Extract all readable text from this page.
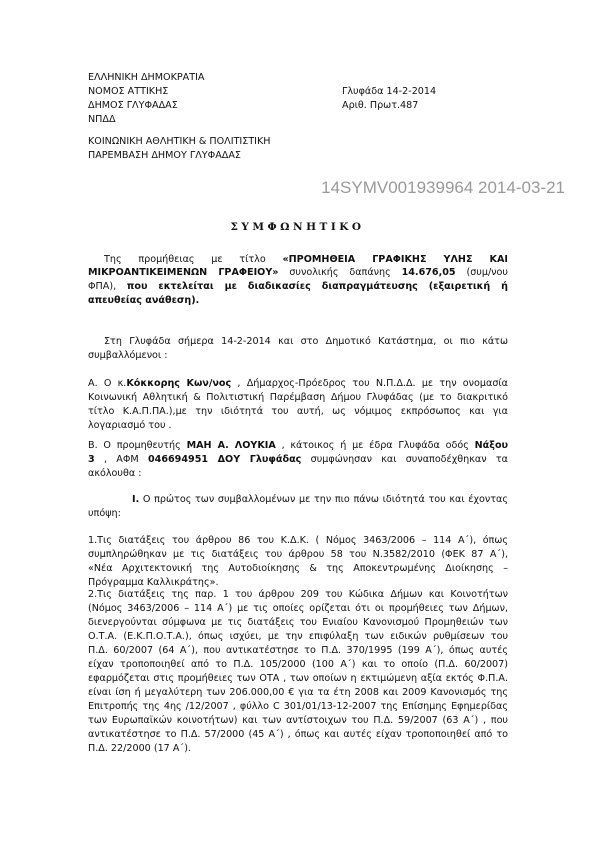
ΕΛΛΗΝΙΚΗ ΔΗΜΟΚΡΑΤΙΑ
ΝΟΜΟΣ ΑΤΤΙΚΗΣ
ΔΗΜΟΣ ΓΛΥΦΑΔΑΣ
ΝΠΔΔ
Γλυφάδα 14-2-2014
Αριθ. Πρωτ.487
ΚΟΙΝΩΝΙΚΗ ΑΘΛΗΤΙΚΗ & ΠΟΛΙΤΙΣΤΙΚΗ
ΠΑΡΕΜΒΑΣΗ ΔΗΜΟΥ ΓΛΥΦΑΔΑΣ
14SYMV001939964 2014-03-21
ΣΥΜΦΩΝΗΤΙΚΟ
Της προμήθειας με τίτλο «ΠΡΟΜΗΘΕΙΑ ΓΡΑΦΙΚΗΣ ΥΛΗΣ ΚΑΙ
ΜΙΚΡΟΑΝΤΙΚΕΙΜΕΝΩΝ ΓΡΑΦΕΙΟΥ» συνολικής δαπάνης 14.676,05 (συμ/νου
ΦΠΑ), που εκτελείται με διαδικασίες διαπραγμάτευσης (εξαιρετική ή
απευθείας ανάθεση).
Στη Γλυφάδα σήμερα 14-2-2014 και στο Δημοτικό Κατάστημα, οι πιο κάτω
συμβαλλόμενοι :
Α. Ο κ.Κόκκορης Κων/νος , Δήμαρχος-Πρόεδρος του Ν.Π.Δ.Δ. με την ονομασία
Κοινωνική Αθλητική & Πολιτιστική Παρέμβαση Δήμου Γλυφάδας (με το διακριτικό
τίτλο Κ.Α.Π.ΠΑ.),με την ιδιότητά του αυτή, ως νόμιμος εκπρόσωπος και για
λογαριασμό του .
Β. Ο προμηθευτής ΜΑΗ Α. ΛΟΥΚΙΑ , κάτοικος ή με έδρα Γλυφάδα οδός Νάξου
3 , ΑΦΜ 046694951 ΔΟΥ Γλυφάδας συμφώνησαν και συναποδέχθηκαν τα
ακόλουθα :
Ι. Ο πρώτος των συμβαλλομένων με την πιο πάνω ιδιότητά του και έχοντας
υπόψη:
1.Τις διατάξεις του άρθρου 86 του Κ.Δ.Κ. ( Νόμος 3463/2006 – 114 Α΄), όπως
συμπληρώθηκαν με τις διατάξεις του άρθρου 58 του Ν.3582/2010 (ΦΕΚ 87 Α΄),
«Νέα Αρχιτεκτονική της Αυτοδιοίκησης & της Αποκεντρωμένης Διοίκησης –
Πρόγραμμα Καλλικράτης».
2.Τις διατάξεις της παρ. 1 του άρθρου 209 του Κώδικα Δήμων και Κοινοτήτων
(Νόμος 3463/2006 – 114 Α΄) με τις οποίες ορίζεται ότι οι προμήθειες των Δήμων,
διενεργούνται σύμφωνα με τις διατάξεις του Ενιαίου Κανονισμού Προμηθειών των
Ο.Τ.Α. (Ε.Κ.Π.Ο.Τ.Α.), όπως ισχύει, με την επιφύλαξη των ειδικών ρυθμίσεων του
Π.Δ. 60/2007 (64 Α΄), που αντικατέστησε το Π.Δ. 370/1995 (199 Α΄), όπως αυτές
είχαν τροποποιηθεί από το Π.Δ. 105/2000 (100 Α΄) και το οποίο (Π.Δ. 60/2007)
εφαρμόζεται στις προμήθειες των ΟΤΑ , των οποίων η εκτιμώμενη αξία εκτός Φ.Π.Α.
είναι ίση ή μεγαλύτερη των 206.000,00 € για τα έτη 2008 και 2009 Κανονισμός της
Επιτροπής της 4ης /12/2007 , φύλλο C 301/01/13-12-2007 της Επίσημης Εφημερίδας
των Ευρωπαϊκών κοινοτήτων) και των αντίστοιχων του Π.Δ. 59/2007 (63 Α΄) , που
αντικατέστησε το Π.Δ. 57/2000 (45 Α΄) , όπως και αυτές είχαν τροποποιηθεί από το
Π.Δ. 22/2000 (17 Α΄).
